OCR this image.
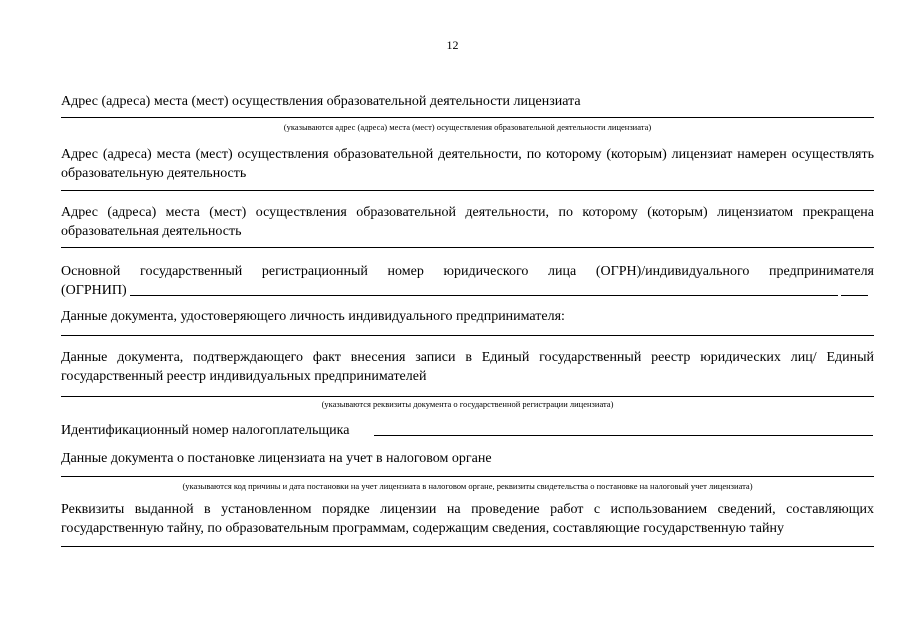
12

Адрес (адреса) места (мест) осуществления образовательной деятельности лицензиата

(указываются адрес (адреса) места (мест) осуществления образовательной деятельности лицензиата)

Адрес (адреса) места (мест) осуществления образовательной деятельности, по которому (которым) лицензиат намерен осуществлять образовательную деятельность

Адрес (адреса) места (мест) осуществления образовательной деятельности, по которому (которым) лицензиатом прекращена образовательная деятельность

Основной государственный регистрационный номер юридического лица (ОГРН)/индивидуального предпринимателя

(ОГРНИП)

Данные документа, удостоверяющего личность индивидуального предпринимателя:

Данные документа, подтверждающего факт внесения записи в Единый государственный реестр юридических лиц/ Единый государственный реестр индивидуальных предпринимателей

(указываются реквизиты документа о государственной регистрации лицензиата)

Идентификационный номер налогоплательщика

Данные документа о постановке лицензиата на учет в налоговом органе

(указываются код причины и дата постановки на учет лицензиата в налоговом органе, реквизиты свидетельства о постановке на налоговый учет лицензиата)

Реквизиты выданной в установленном порядке лицензии на проведение работ с использованием сведений, составляющих государственную тайну, по образовательным программам, содержащим сведения, составляющие государственную тайну
